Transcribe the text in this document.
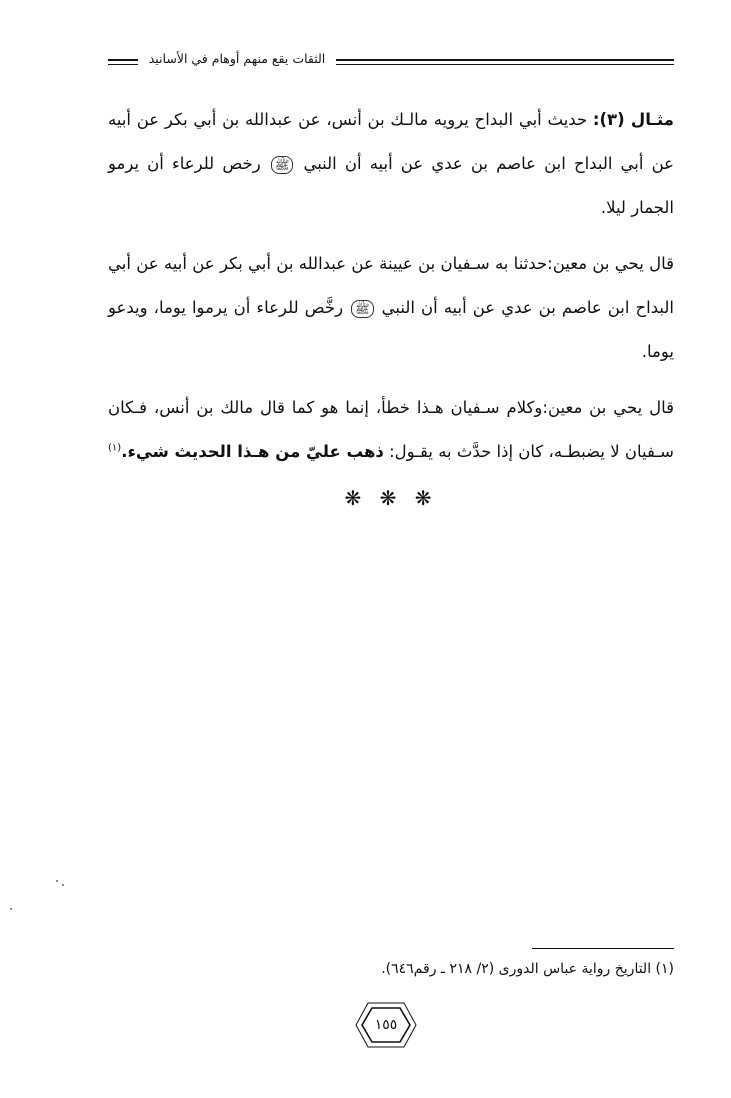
الثقات يقع منهم أوهام في الأسانيد

مثـال (٣): حديث أبي البداح يرويه مالـك بن أنس، عن عبدالله بن أبي بكر عن أبيه عن أبي البداح ابن عاصم بن عدي عن أبيه أن النبي ﷺ رخص للرعاء أن يرمو الجمار ليلا.

قال يحي بن معين:حدثنا به سـفيان بن عيينة عن عبدالله بن أبي بكر عن أبيه عن أبي البداح ابن عاصم بن عدي عن أبيه أن النبي ﷺ رخَّص للرعاء أن يرموا يوما، ويدعو يوما.

قال يحي بن معين:وكلام سـفيان هـذا خطأ، إنما هو كما قال مالك بن أنس، فـكان سـفيان لا يضبطـه، كان إذا حدَّث به يقـول: ذهب عليّ من هـذا الحديث شيء.$^{(١)}$

❋ ❋ ❋
(١) التاريخ رواية عباس الدورى (٢/ ٢١٨ ـ رقم٦٤٦).
١٥٥
